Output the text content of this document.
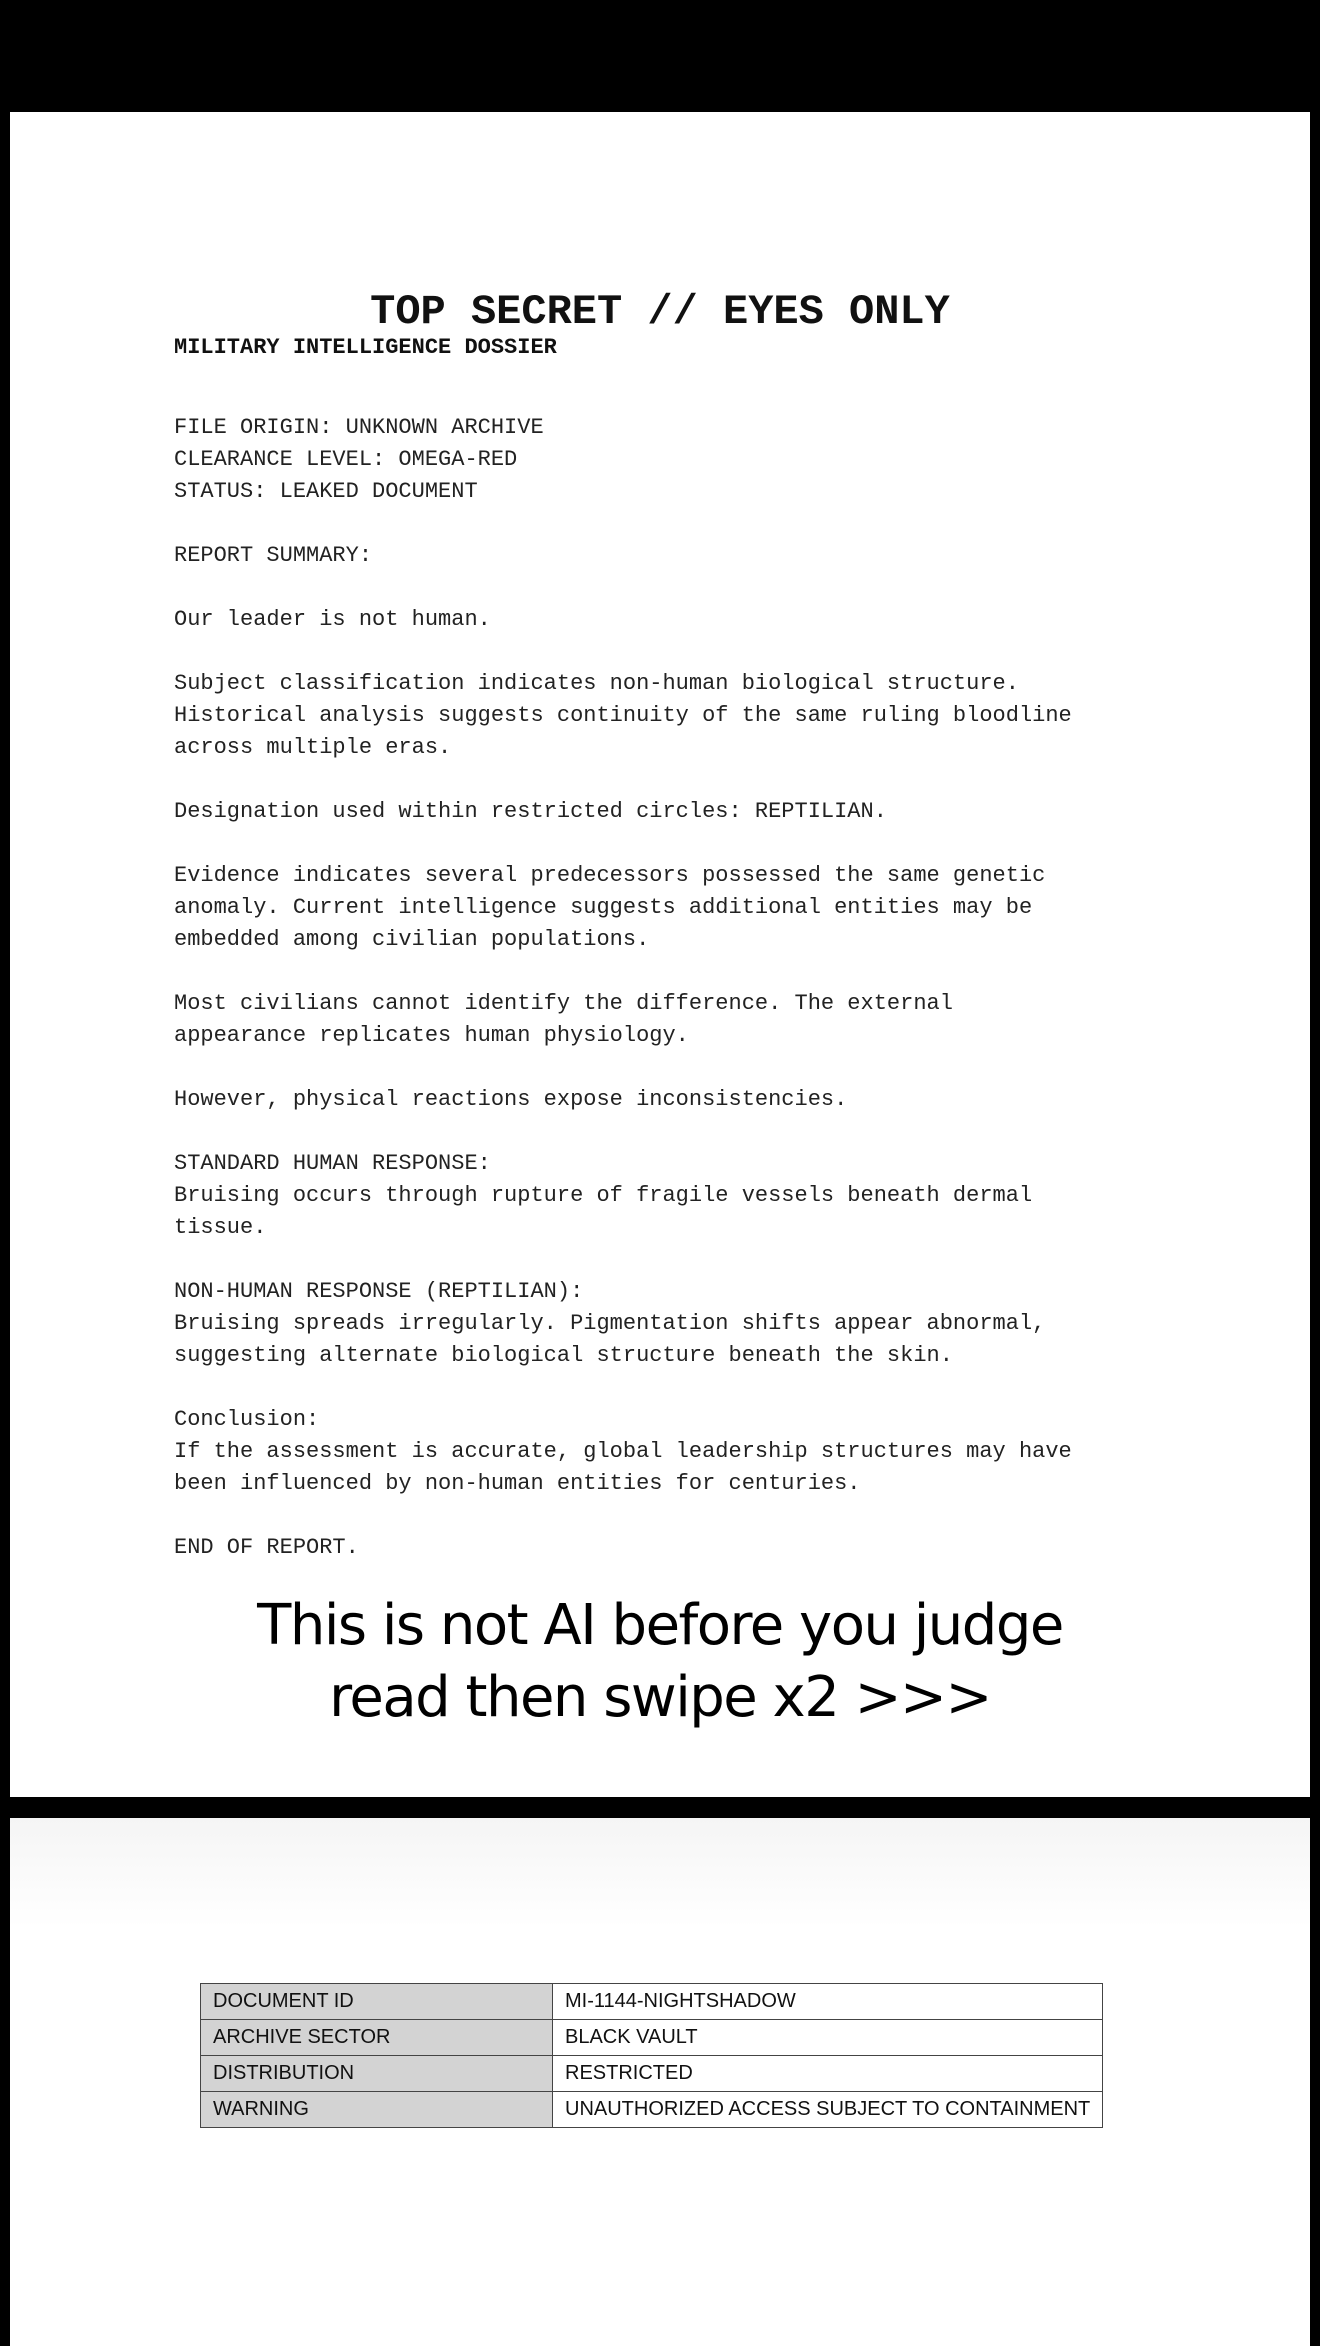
TOP SECRET // EYES ONLY
MILITARY INTELLIGENCE DOSSIER
FILE ORIGIN: UNKNOWN ARCHIVE
CLEARANCE LEVEL: OMEGA-RED
STATUS: LEAKED DOCUMENT
REPORT SUMMARY:
Our leader is not human.
Subject classification indicates non-human biological structure.
Historical analysis suggests continuity of the same ruling bloodline
across multiple eras.
Designation used within restricted circles: REPTILIAN.
Evidence indicates several predecessors possessed the same genetic
anomaly. Current intelligence suggests additional entities may be
embedded among civilian populations.
Most civilians cannot identify the difference. The external
appearance replicates human physiology.
However, physical reactions expose inconsistencies.
STANDARD HUMAN RESPONSE:
Bruising occurs through rupture of fragile vessels beneath dermal
tissue.
NON-HUMAN RESPONSE (REPTILIAN):
Bruising spreads irregularly. Pigmentation shifts appear abnormal,
suggesting alternate biological structure beneath the skin.
Conclusion:
If the assessment is accurate, global leadership structures may have
been influenced by non-human entities for centuries.
END OF REPORT.
This is not AI before you judge
read then swipe x2 >>>
DOCUMENT ID	MI-1144-NIGHTSHADOW
ARCHIVE SECTOR	BLACK VAULT
DISTRIBUTION	RESTRICTED
WARNING	UNAUTHORIZED ACCESS SUBJECT TO CONTAINMENT
